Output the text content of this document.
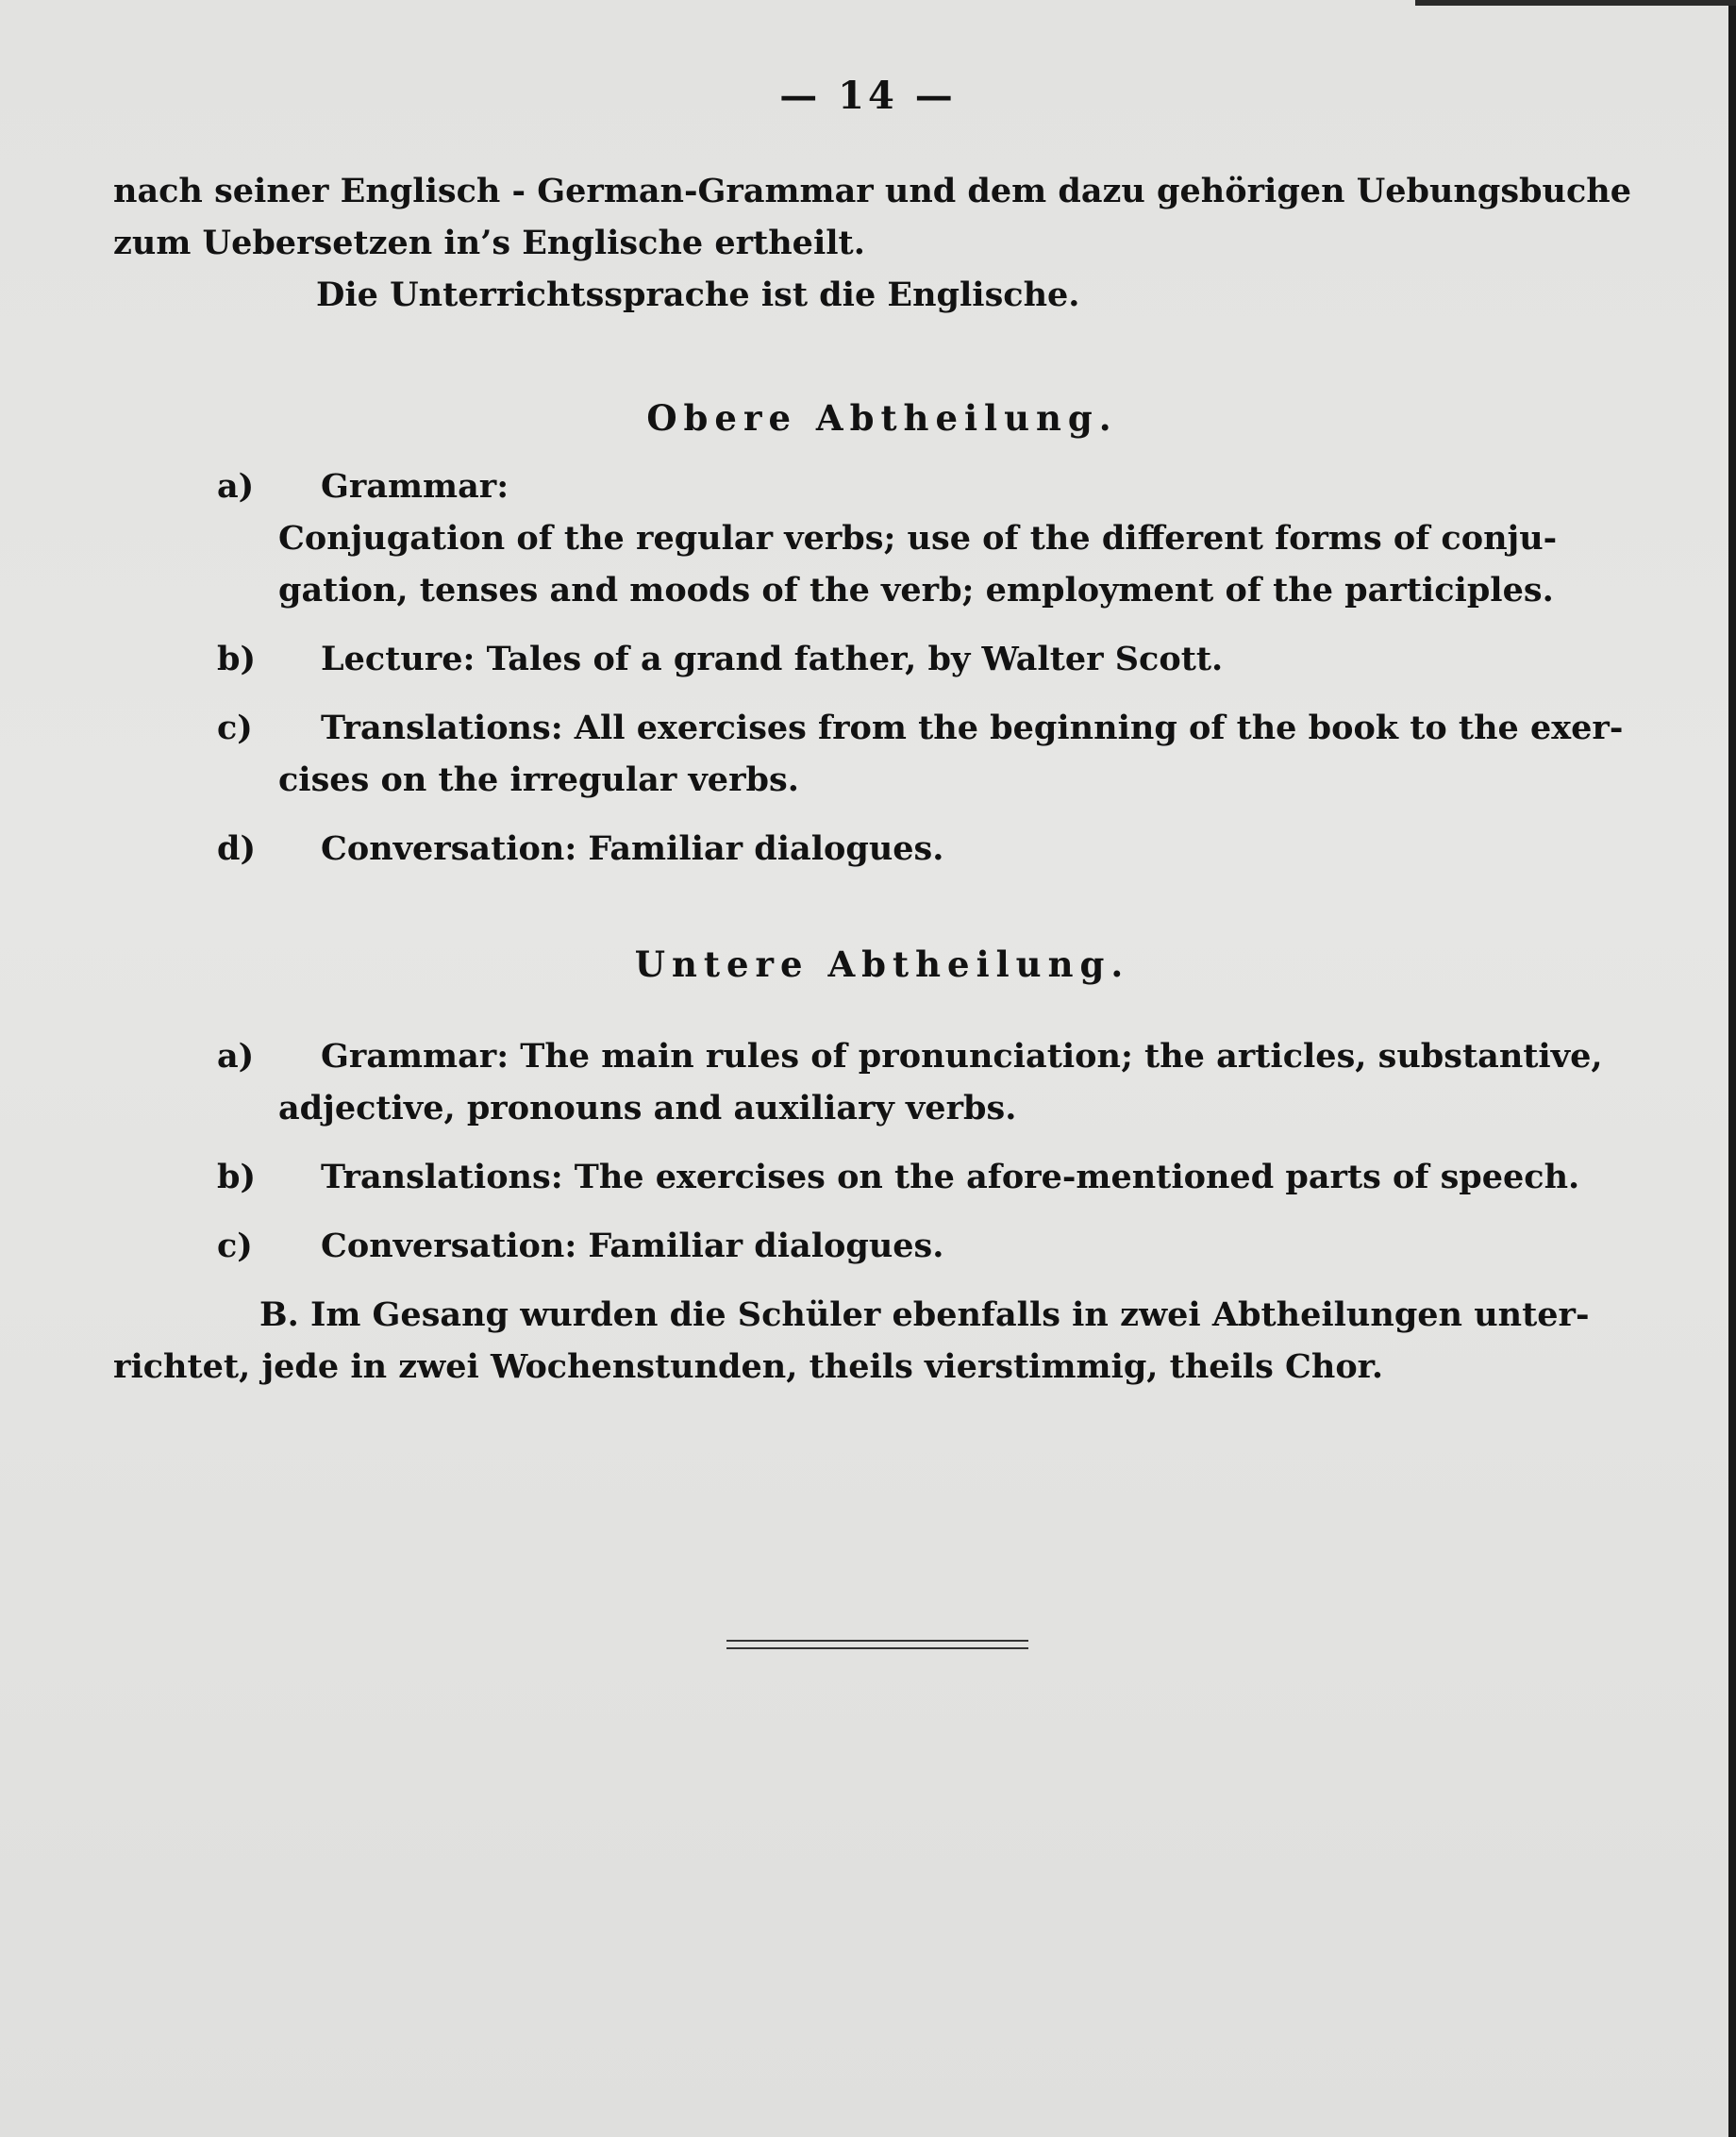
— 14 —

nach seiner Englisch - German-Grammar und dem dazu gehörigen Uebungsbuche

zum Uebersetzen in’s Englische ertheilt.

Die Unterrichtssprache ist die Englische.

Obere Abtheilung.
a)	Grammar:

Conjugation of the regular verbs; use of the different forms of conju-

gation, tenses and moods of the verb; employment of the participles.

b)	Lecture: Tales of a grand father, by Walter Scott.
c)	Translations: All exercises from the beginning of the book to the exer-

cises on the irregular verbs.

d)	Conversation: Familiar dialogues.
Untere Abtheilung.
a)	Grammar: The main rules of pronunciation; the articles, substantive,

adjective, pronouns and auxiliary verbs.

b)	Translations: The exercises on the afore-mentioned parts of speech.
c)	Conversation: Familiar dialogues.

B. Im Gesang wurden die Schüler ebenfalls in zwei Abtheilungen unter-

richtet, jede in zwei Wochenstunden, theils vierstimmig, theils Chor.
